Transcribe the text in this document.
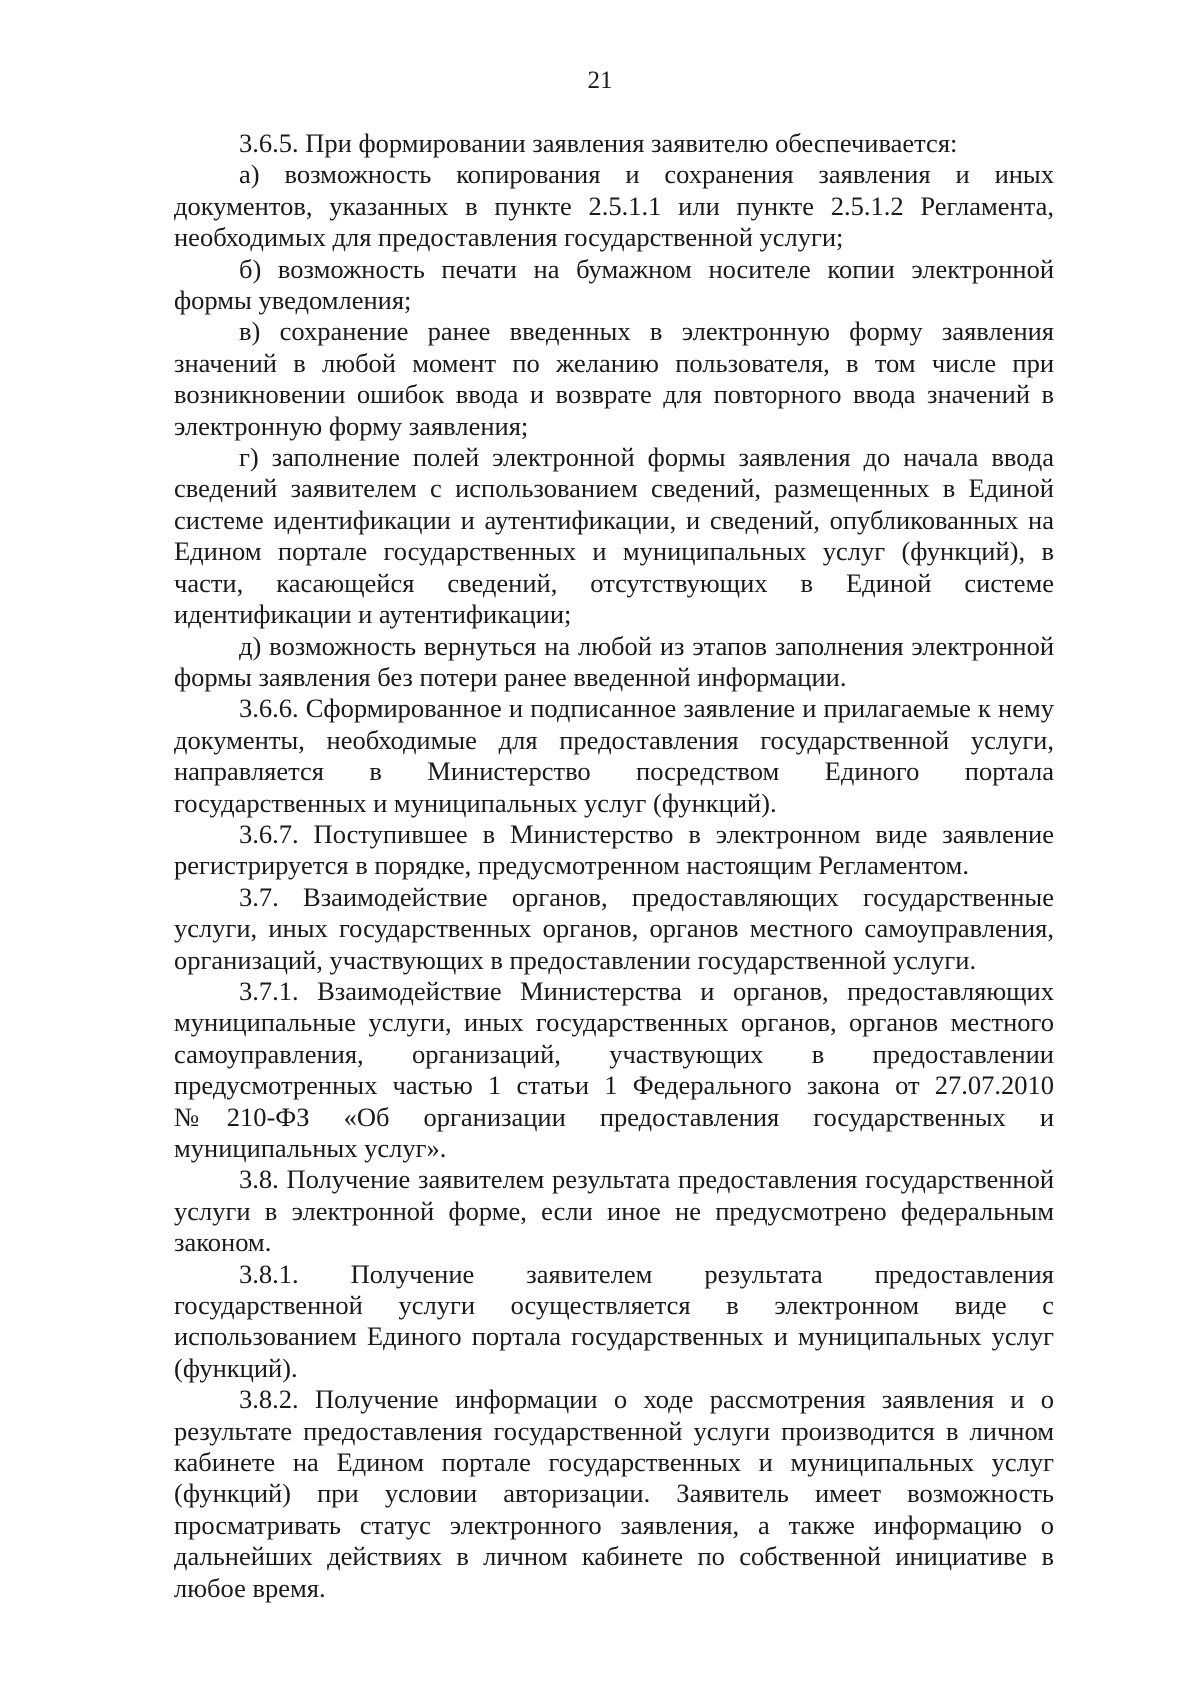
21

3.6.5. При формировании заявления заявителю обеспечивается:

а) возможность копирования и сохранения заявления и иных документов, указанных в пункте 2.5.1.1 или пункте 2.5.1.2 Регламента, необходимых для предоставления государственной услуги;

б) возможность печати на бумажном носителе копии электронной формы уведомления;

в) сохранение ранее введенных в электронную форму заявления значений в любой момент по желанию пользователя, в том числе при возникновении ошибок ввода и возврате для повторного ввода значений в электронную форму заявления;

г) заполнение полей электронной формы заявления до начала ввода сведений заявителем с использованием сведений, размещенных в Единой системе идентификации и аутентификации, и сведений, опубликованных на Едином портале государственных и муниципальных услуг (функций), в части, касающейся сведений, отсутствующих в Единой системе идентификации и аутентификации;

д) возможность вернуться на любой из этапов заполнения электронной формы заявления без потери ранее введенной информации.

3.6.6. Сформированное и подписанное заявление и прилагаемые к нему документы, необходимые для предоставления государственной услуги, направляется в Министерство посредством Единого портала государственных и муниципальных услуг (функций).

3.6.7. Поступившее в Министерство в электронном виде заявление регистрируется в порядке, предусмотренном настоящим Регламентом.

3.7. Взаимодействие органов, предоставляющих государственные услуги, иных государственных органов, органов местного самоуправления, организаций, участвующих в предоставлении государственной услуги.

3.7.1. Взаимодействие Министерства и органов, предоставляющих муниципальные услуги, иных государственных органов, органов местного самоуправления, организаций, участвующих в предоставлении предусмотренных частью 1 статьи 1 Федерального закона от 27.07.2010 №210-ФЗ «Об организации предоставления государственных и муниципальных услуг».

3.8. Получение заявителем результата предоставления государственной услуги в электронной форме, если иное не предусмотрено федеральным законом.

3.8.1. Получение заявителем результата предоставления государственной услуги осуществляется в электронном виде с использованием Единого портала государственных и муниципальных услуг (функций).

3.8.2. Получение информации о ходе рассмотрения заявления и о результате предоставления государственной услуги производится в личном кабинете на Едином портале государственных и муниципальных услуг (функций) при условии авторизации. Заявитель имеет возможность просматривать статус электронного заявления, а также информацию о дальнейших действиях в личном кабинете по собственной инициативе в любое время.
